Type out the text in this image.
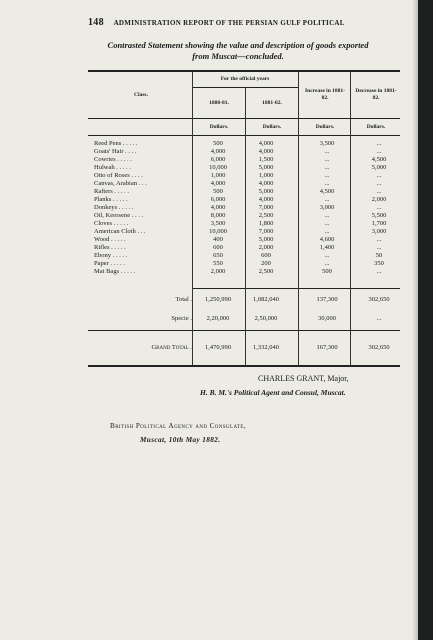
148 ADMINISTRATION REPORT OF THE PERSIAN GULF POLITICAL
Contrasted Statement showing the value and description of goods exported
from Muscat—concluded.
Class.
For the official years
1880-81.	1881-82.
Increase in 1881-82.
Decrease in 1881-82.
Dollars.	Dollars.	Dollars.	Dollars.
Reed Pens . . . . .	500	4,000	3,500	...
Goats' Hair . . . .	4,000	4,000	...	...
Cowries . . . . .	6,000	1,500	...	4,500
Hulwah . . . . .	10,000	5,000	...	5,000
Otto of Roses . . . .	1,000	1,000	...	...
Canvas, Arabian . . .	4,000	4,000	...	...
Rafters . . . . .	500	5,000	4,500	...
Planks . . . . .	6,000	4,000	...	2,000
Donkeys . . . . .	4,000	7,000	3,000	...
Oil, Kerosene . . . .	8,000	2,500	...	5,500
Cloves . . . . .	3,500	1,800	...	1,700
American Cloth . . .	10,000	7,000	...	3,000
Wood . . . . .	400	5,000	4,600	...
Rifles . . . . .	600	2,000	1,400	...
Ebony . . . . .	650	600	...	50
Paper . . . . .	550	200	...	350
Mat Bags . . . . .	2,000	2,500	500	...
Total .	1,250,990	1,082,040	137,300	302,650
Specie .	2,20,000	2,50,000	30,000	...
Grand Total .	1,470,990	1,332,040	167,300	302,650
CHARLES GRANT, Major,
H. B. M.'s Political Agent and Consul, Muscat.
British Political Agency and Consulate,
Muscat, 10th May 1882.
